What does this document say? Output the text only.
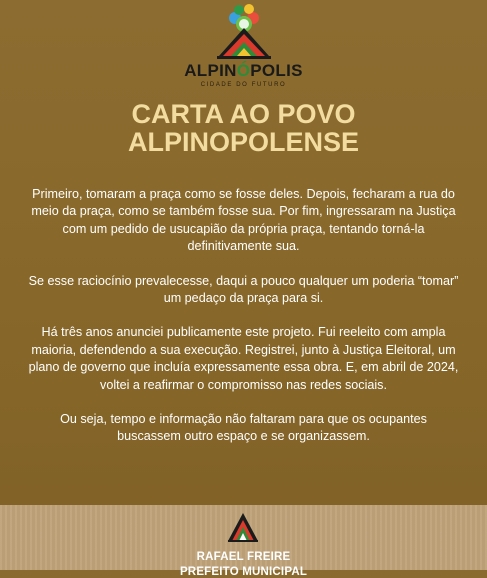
ALPINÓPOLIS
CIDADE DO FUTURO
CARTA AO POVO
ALPINOPOLENSE

Primeiro, tomaram a praça como se fosse deles. Depois, fecharam a rua do meio da praça, como se também fosse sua. Por fim, ingressaram na Justiça com um pedido de usucapião da própria praça, tentando torná-la definitivamente sua.

Se esse raciocínio prevalecesse, daqui a pouco qualquer um poderia “tomar” um pedaço da praça para si.

Há três anos anunciei publicamente este projeto. Fui reeleito com ampla maioria, defendendo a sua execução. Registrei, junto à Justiça Eleitoral, um plano de governo que incluía expressamente essa obra. E, em abril de 2024, voltei a reafirmar o compromisso nas redes sociais.

Ou seja, tempo e informação não faltaram para que os ocupantes buscassem outro espaço e se organizassem.

RAFAEL FREIRE
PREFEITO MUNICIPAL
